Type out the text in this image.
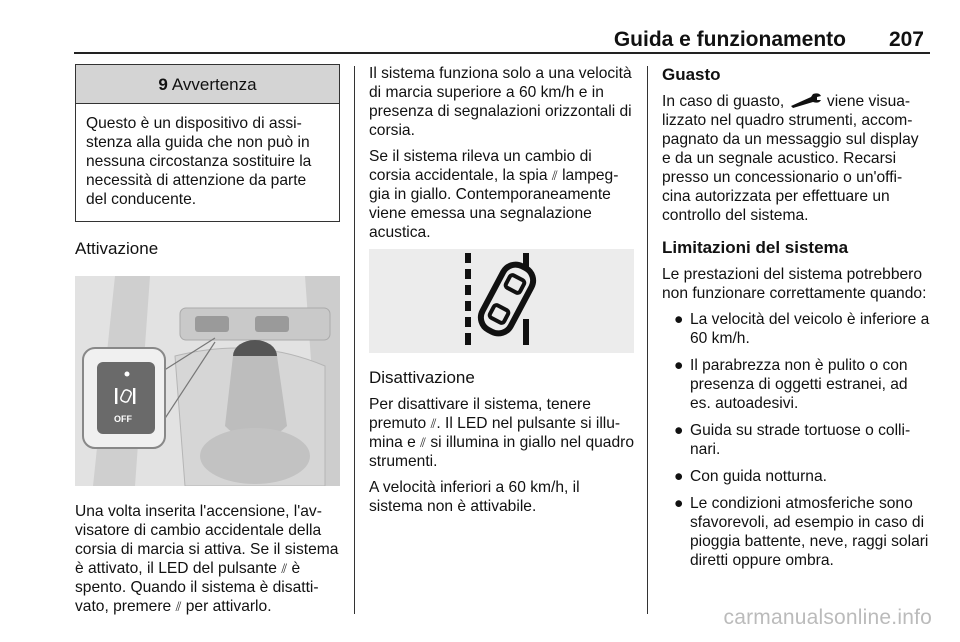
Guida e funzionamento 207
9 Avvertenza
Questo è un dispositivo di assi-stenza alla guida che non può in nessuna circostanza sostituire la necessità di attenzione da parte del conducente.
Attivazione
OFF

Una volta inserita l'accensione, l'av-visatore di cambio accidentale della corsia di marcia si attiva. Se il sistema è attivato, il LED del pulsante ⫽ è spento. Quando il sistema è disatti-vato, premere ⫽ per attivarlo.

Il sistema funziona solo a una velocità di marcia superiore a 60 km/h e in presenza di segnalazioni orizzontali di corsia.

Se il sistema rileva un cambio di corsia accidentale, la spia ⫽ lampeg-gia in giallo. Contemporaneamente viene emessa una segnalazione acustica.

Disattivazione

Per disattivare il sistema, tenere premuto ⫽. Il LED nel pulsante si illu-mina e ⫽ si illumina in giallo nel quadro strumenti.

A velocità inferiori a 60 km/h, il sistema non è attivabile.

Guasto

In caso di guasto,	viene visua-lizzato nel quadro strumenti, accom-pagnato da un messaggio sul display e da un segnale acustico. Recarsi presso un concessionario o un'offi-cina autorizzata per effettuare un controllo del sistema.

Limitazioni del sistema

Le prestazioni del sistema potrebbero non funzionare correttamente quando:

● La velocità del veicolo è inferiore a 60 km/h.
● Il parabrezza non è pulito o con presenza di oggetti estranei, ad es. autoadesivi.
● Guida su strade tortuose o colli-nari.
● Con guida notturna.
● Le condizioni atmosferiche sono sfavorevoli, ad esempio in caso di pioggia battente, neve, raggi solari diretti oppure ombra.
carmanualsonline.info
